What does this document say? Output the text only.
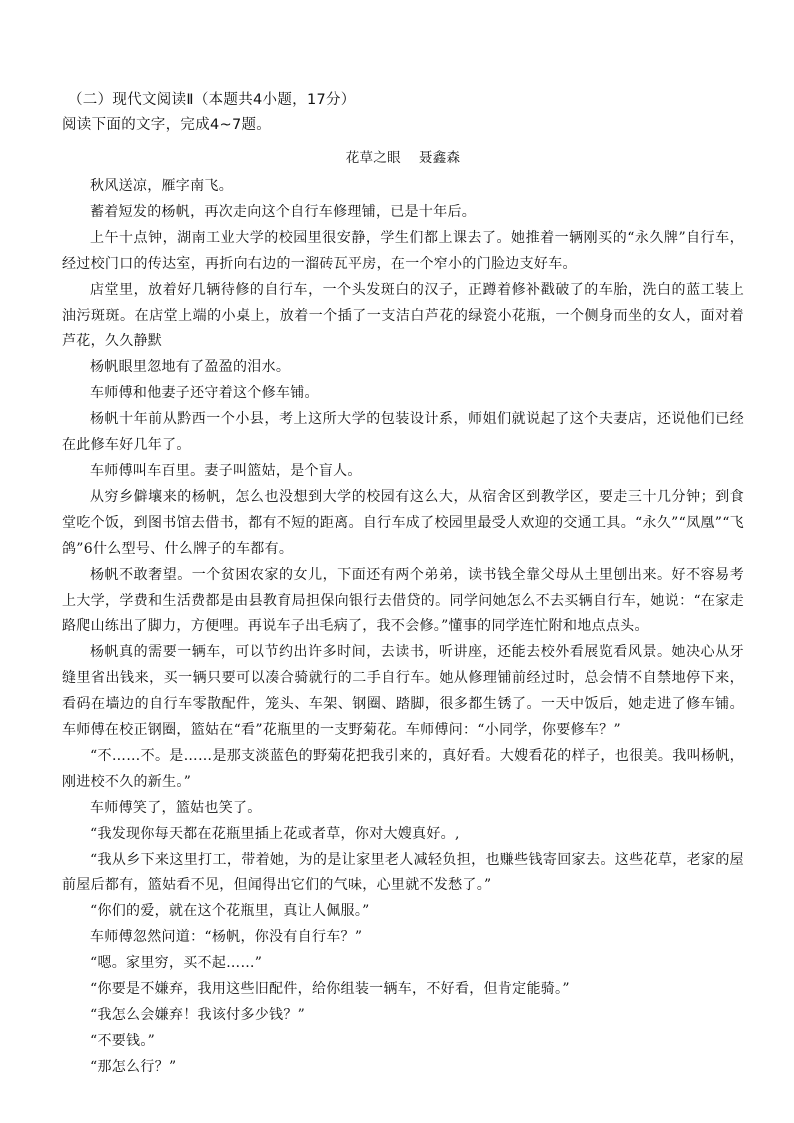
（二）现代文阅读Ⅱ（本题共4小题，17分）

阅读下面的文字，完成4~7题。

花草之眼 聂鑫森

秋风送凉，雁字南飞。

蓄着短发的杨帆，再次走向这个自行车修理铺，已是十年后。

上午十点钟，湖南工业大学的校园里很安静，学生们都上课去了。她推着一辆刚买的“永久牌”自行车，经过校门口的传达室，再折向右边的一溜砖瓦平房，在一个窄小的门脸边支好车。

店堂里，放着好几辆待修的自行车，一个头发斑白的汉子，正蹲着修补戳破了的车胎，洗白的蓝工装上油污斑斑。在店堂上端的小桌上，放着一个插了一支洁白芦花的绿瓷小花瓶，一个侧身而坐的女人，面对着芦花，久久静默

杨帆眼里忽地有了盈盈的泪水。

车师傅和他妻子还守着这个修车铺。

杨帆十年前从黔西一个小县，考上这所大学的包装设计系，师姐们就说起了这个夫妻店，还说他们已经在此修车好几年了。

车师傅叫车百里。妻子叫篮姑，是个盲人。

从穷乡僻壤来的杨帆，怎么也没想到大学的校园有这么大，从宿舍区到教学区，要走三十几分钟；到食堂吃个饭，到图书馆去借书，都有不短的距离。自行车成了校园里最受人欢迎的交通工具。“永久”“凤凰”“飞鸽”6什么型号、什么牌子的车都有。

杨帆不敢奢望。一个贫困农家的女儿，下面还有两个弟弟，读书钱全靠父母从土里刨出来。好不容易考上大学，学费和生活费都是由县教育局担保向银行去借贷的。同学问她怎么不去买辆自行车，她说：“在家走路爬山练出了脚力，方便哩。再说车子出毛病了，我不会修。”懂事的同学连忙附和地点点头。

杨帆真的需要一辆车，可以节约出许多时间，去读书，听讲座，还能去校外看展览看风景。她决心从牙缝里省出钱来，买一辆只要可以凑合骑就行的二手自行车。她从修理铺前经过时，总会情不自禁地停下来，看码在墙边的自行车零散配件，笼头、车架、钢圈、踏脚，很多都生锈了。一天中饭后，她走进了修车铺。车师傅在校正钢圈，篮姑在“看”花瓶里的一支野菊花。车师傅问：“小同学，你要修车？”

“不……不。是……是那支淡蓝色的野菊花把我引来的，真好看。大嫂看花的样子，也很美。我叫杨帆，刚进校不久的新生。”

车师傅笑了，篮姑也笑了。

“我发现你每天都在花瓶里插上花或者草，你对大嫂真好。,

“我从乡下来这里打工，带着她，为的是让家里老人减轻负担，也赚些钱寄回家去。这些花草，老家的屋前屋后都有，篮姑看不见，但闻得出它们的气味，心里就不发愁了。”

“你们的爱，就在这个花瓶里，真让人佩服。”

车师傅忽然问道：“杨帆，你没有自行车？”

“嗯。家里穷，买不起……”

“你要是不嫌弃，我用这些旧配件，给你组装一辆车，不好看，但肯定能骑。”

“我怎么会嫌弃！我该付多少钱？”

“不要钱。”

“那怎么行？”
